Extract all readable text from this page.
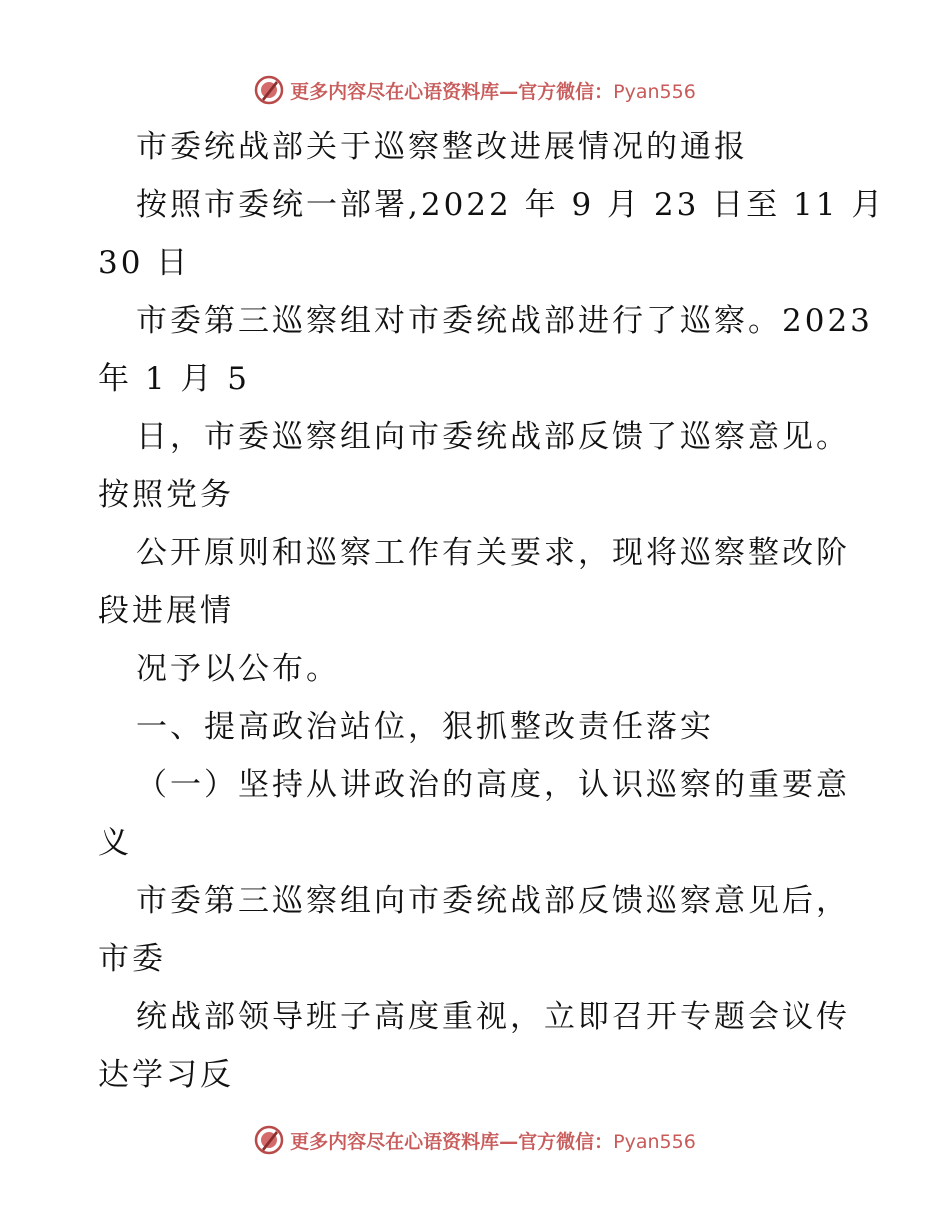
更多内容尽在心语资料库—官方微信：Pyan556
市委统战部关于巡察整改进展情况的通报
按照市委统一部署,2022 年 9 月 23 日至 11 月
30 日
市委第三巡察组对市委统战部进行了巡察。2023
年 1 月 5
日，市委巡察组向市委统战部反馈了巡察意见。
按照党务
公开原则和巡察工作有关要求，现将巡察整改阶
段进展情
况予以公布。
一、提高政治站位，狠抓整改责任落实
（一）坚持从讲政治的高度，认识巡察的重要意
义
市委第三巡察组向市委统战部反馈巡察意见后，
市委
统战部领导班子高度重视，立即召开专题会议传
达学习反
更多内容尽在心语资料库—官方微信：Pyan556
